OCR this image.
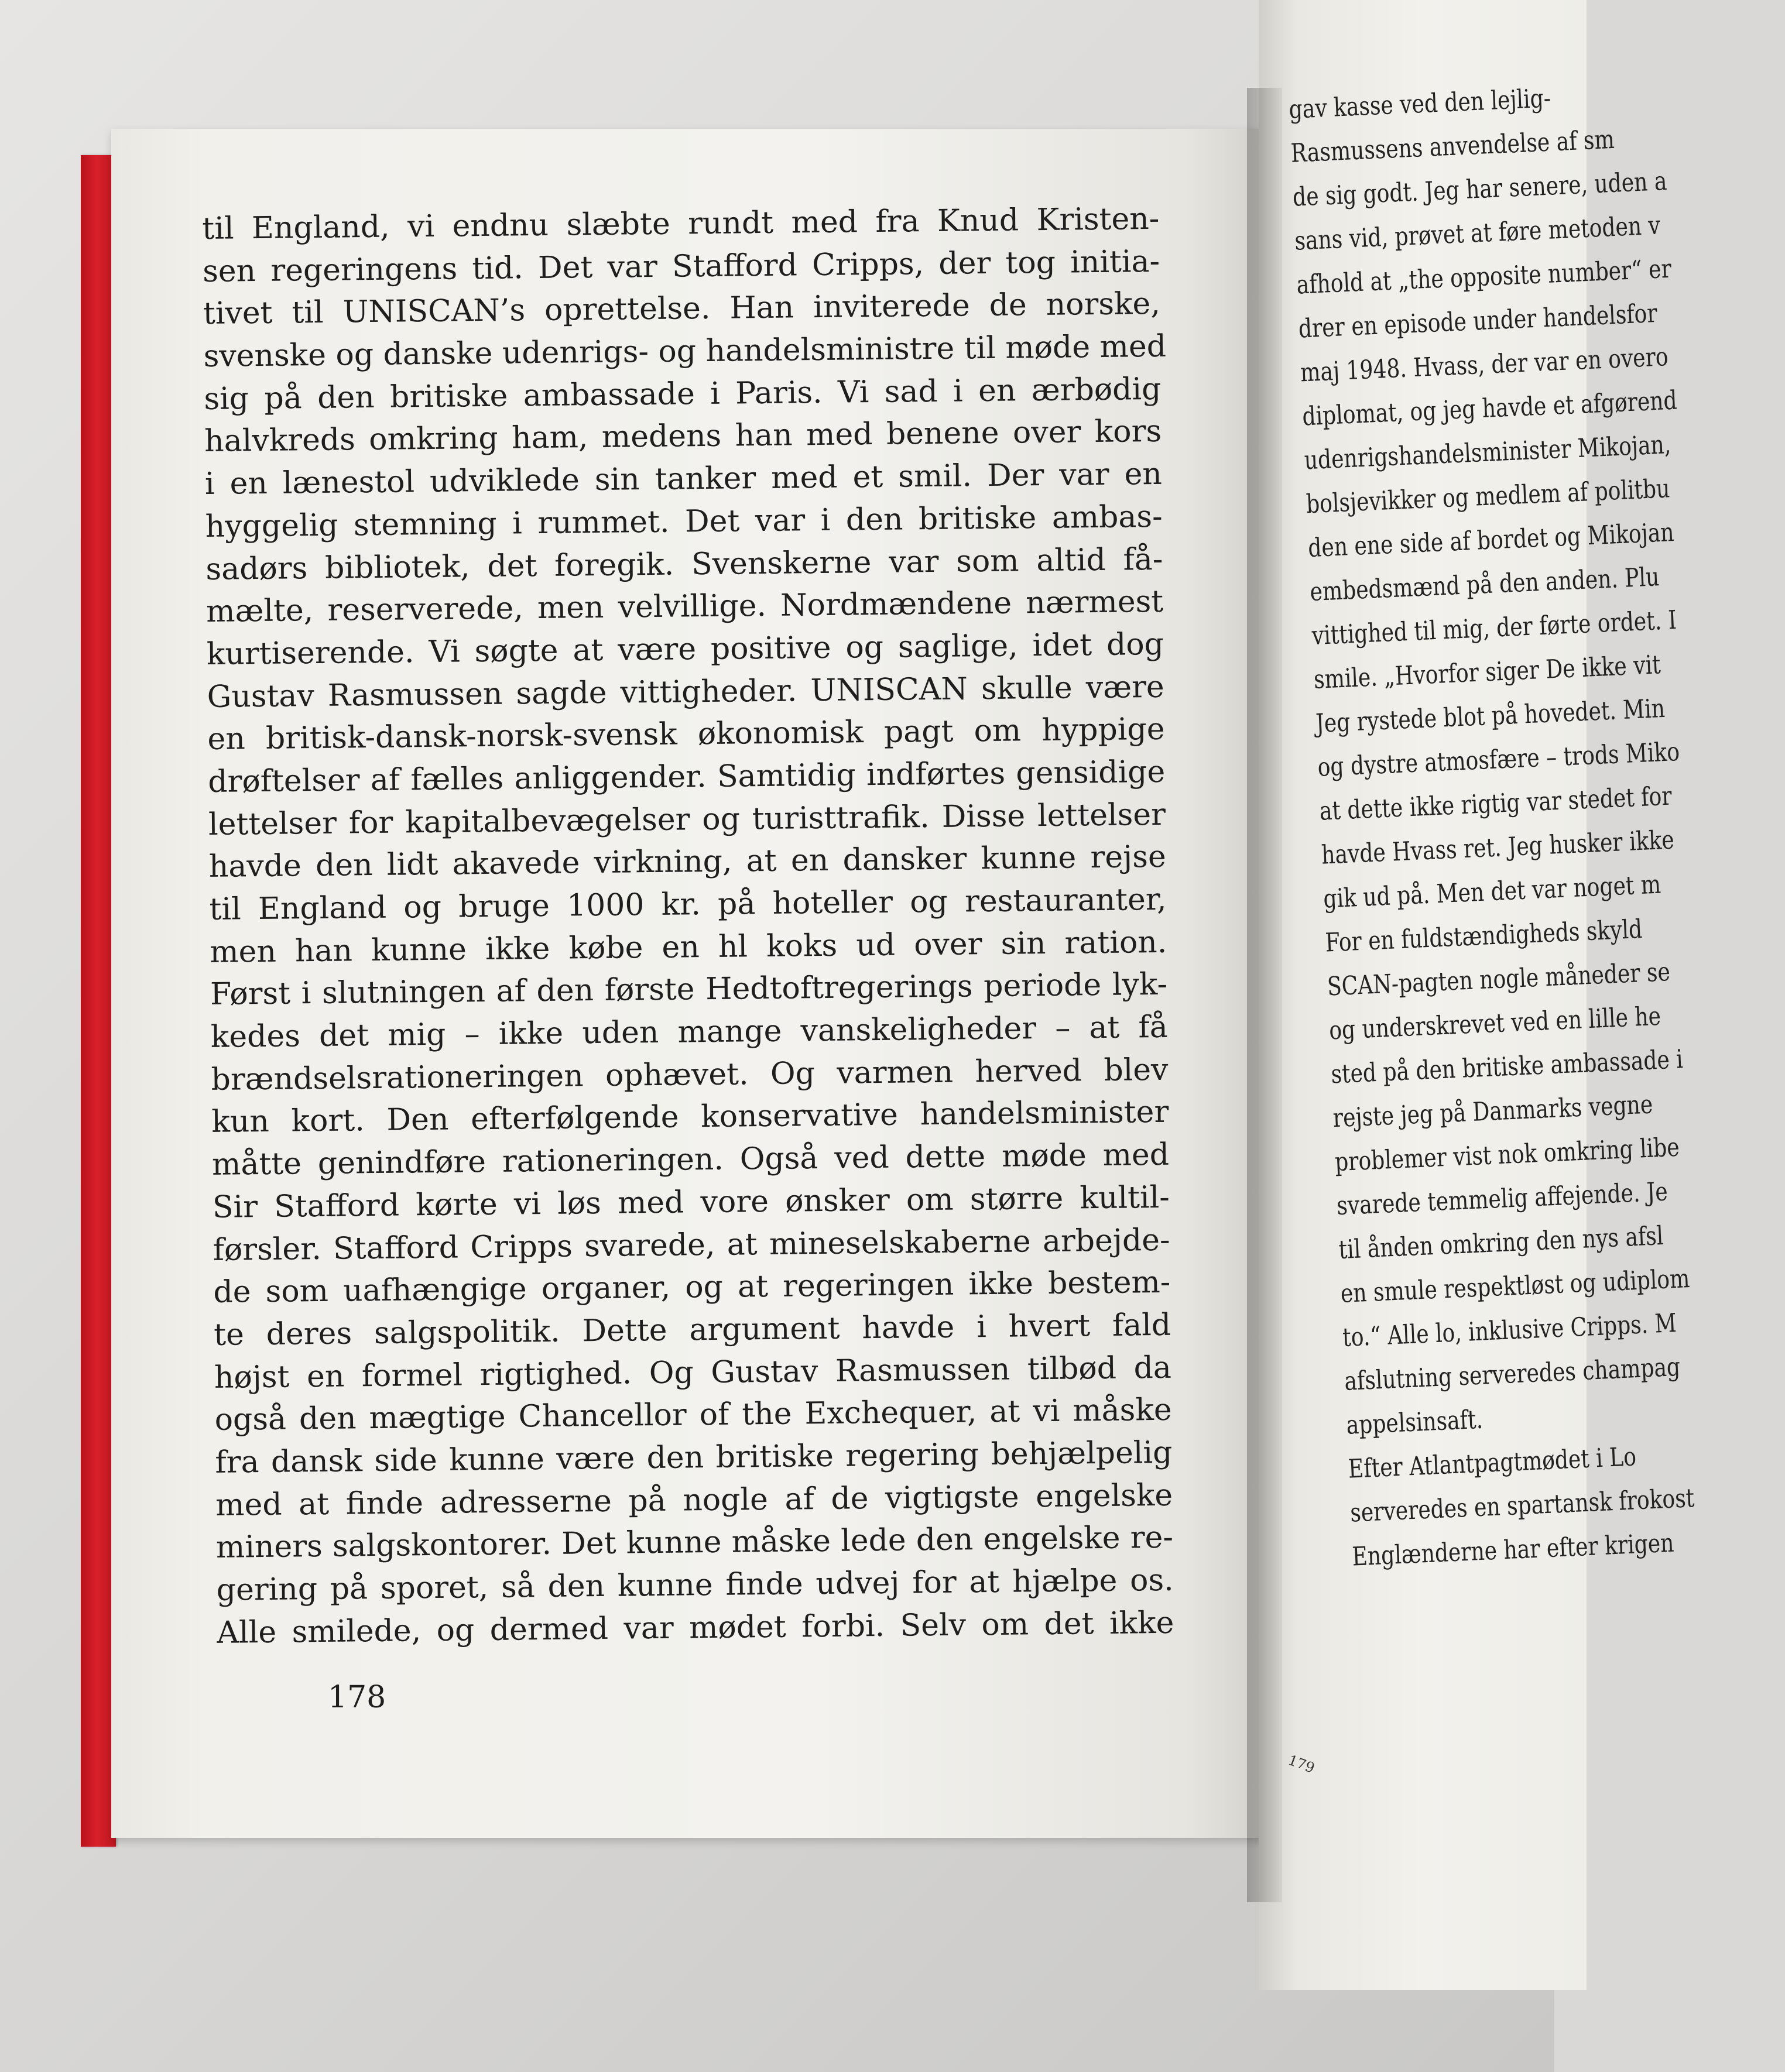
til England, vi endnu slæbte rundt med fra Knud Kristen-
sen regeringens tid. Det var Stafford Cripps, der tog initia-
tivet til UNISCAN’s oprettelse. Han inviterede de norske,
svenske og danske udenrigs- og handelsministre til møde med
sig på den britiske ambassade i Paris. Vi sad i en ærbødig
halvkreds omkring ham, medens han med benene over kors
i en lænestol udviklede sin tanker med et smil. Der var en
hyggelig stemning i rummet. Det var i den britiske ambas-
sadørs bibliotek, det foregik. Svenskerne var som altid få-
mælte, reserverede, men velvillige. Nordmændene nærmest
kurtiserende. Vi søgte at være positive og saglige, idet dog
Gustav Rasmussen sagde vittigheder. UNISCAN skulle være
en britisk-dansk-norsk-svensk økonomisk pagt om hyppige
drøftelser af fælles anliggender. Samtidig indførtes gensidige
lettelser for kapitalbevægelser og turisttrafik. Disse lettelser
havde den lidt akavede virkning, at en dansker kunne rejse
til England og bruge 1000 kr. på hoteller og restauranter,
men han kunne ikke købe en hl koks ud over sin ration.
Først i slutningen af den første Hedtoftregerings periode lyk-
kedes det mig – ikke uden mange vanskeligheder – at få
brændselsrationeringen ophævet. Og varmen herved blev
kun kort. Den efterfølgende konservative handelsminister
måtte genindføre rationeringen. Også ved dette møde med
Sir Stafford kørte vi løs med vore ønsker om større kultil-
førsler. Stafford Cripps svarede, at mineselskaberne arbejde-
de som uafhængige organer, og at regeringen ikke bestem-
te deres salgspolitik. Dette argument havde i hvert fald
højst en formel rigtighed. Og Gustav Rasmussen tilbød da
også den mægtige Chancellor of the Exchequer, at vi måske
fra dansk side kunne være den britiske regering behjælpelig
med at finde adresserne på nogle af de vigtigste engelske
miners salgskontorer. Det kunne måske lede den engelske re-
gering på sporet, så den kunne finde udvej for at hjælpe os.
Alle smilede, og dermed var mødet forbi. Selv om det ikke
178
gav kasse ved den lejlig-
Rasmussens anvendelse af sm
de sig godt. Jeg har senere, uden a
sans vid, prøvet at føre metoden v
afhold at „the opposite number“ er
drer en episode under handelsfor
maj 1948. Hvass, der var en overo
diplomat, og jeg havde et afgørend
udenrigshandelsminister Mikojan,
bolsjevikker og medlem af politbu
den ene side af bordet og Mikojan
embedsmænd på den anden. Plu
vittighed til mig, der førte ordet. I
smile. „Hvorfor siger De ikke vit
Jeg rystede blot på hovedet. Min
og dystre atmosfære – trods Miko
at dette ikke rigtig var stedet for
havde Hvass ret. Jeg husker ikke
gik ud på. Men det var noget m
For en fuldstændigheds skyld
SCAN-pagten nogle måneder se
og underskrevet ved en lille he
sted på den britiske ambassade i
rejste jeg på Danmarks vegne
problemer vist nok omkring libe
svarede temmelig affejende. Je
til ånden omkring den nys afsl
en smule respektløst og udiplom
to.“ Alle lo, inklusive Cripps. M
afslutning serveredes champag
appelsinsaft.
Efter Atlantpagtmødet i Lo
serveredes en spartansk frokost
Englænderne har efter krigen
179
